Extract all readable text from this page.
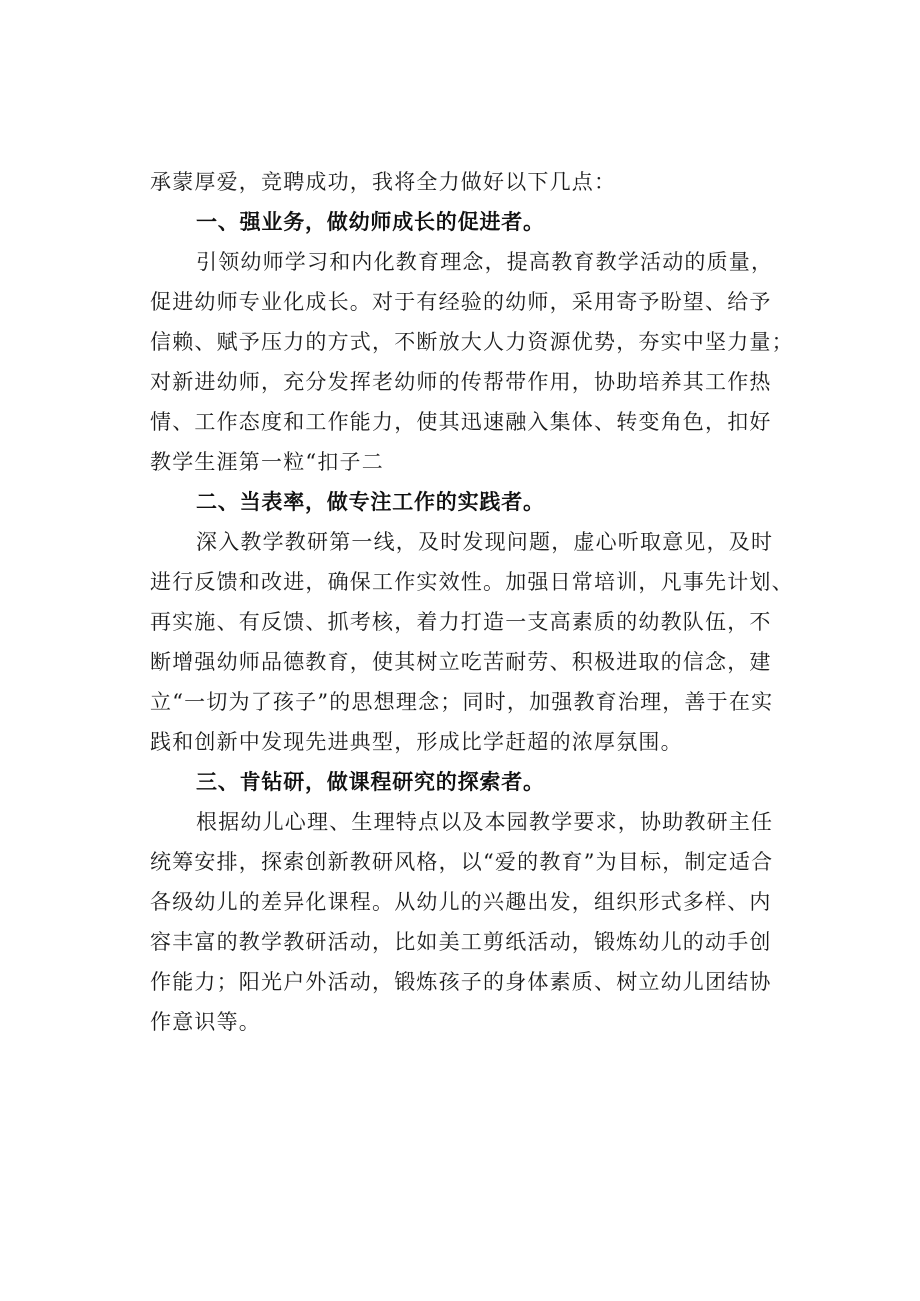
承蒙厚爱，竞聘成功，我将全力做好以下几点：
一、强业务，做幼师成长的促进者。
引领幼师学习和内化教育理念，提高教育教学活动的质量，
促进幼师专业化成长。对于有经验的幼师，采用寄予盼望、给予
信赖、赋予压力的方式，不断放大人力资源优势，夯实中坚力量；
对新进幼师，充分发挥老幼师的传帮带作用，协助培养其工作热
情、工作态度和工作能力，使其迅速融入集体、转变角色，扣好
教学生涯第一粒“扣子二
二、当表率，做专注工作的实践者。
深入教学教研第一线，及时发现问题，虚心听取意见，及时
进行反馈和改进，确保工作实效性。加强日常培训，凡事先计划、
再实施、有反馈、抓考核，着力打造一支高素质的幼教队伍，不
断增强幼师品德教育，使其树立吃苦耐劳、积极进取的信念，建
立“一切为了孩子”的思想理念；同时，加强教育治理，善于在实
践和创新中发现先进典型，形成比学赶超的浓厚氛围。
三、肯钻研，做课程研究的探索者。
根据幼儿心理、生理特点以及本园教学要求，协助教研主任
统筹安排，探索创新教研风格，以“爱的教育”为目标，制定适合
各级幼儿的差异化课程。从幼儿的兴趣出发，组织形式多样、内
容丰富的教学教研活动，比如美工剪纸活动，锻炼幼儿的动手创
作能力；阳光户外活动，锻炼孩子的身体素质、树立幼儿团结协
作意识等。
